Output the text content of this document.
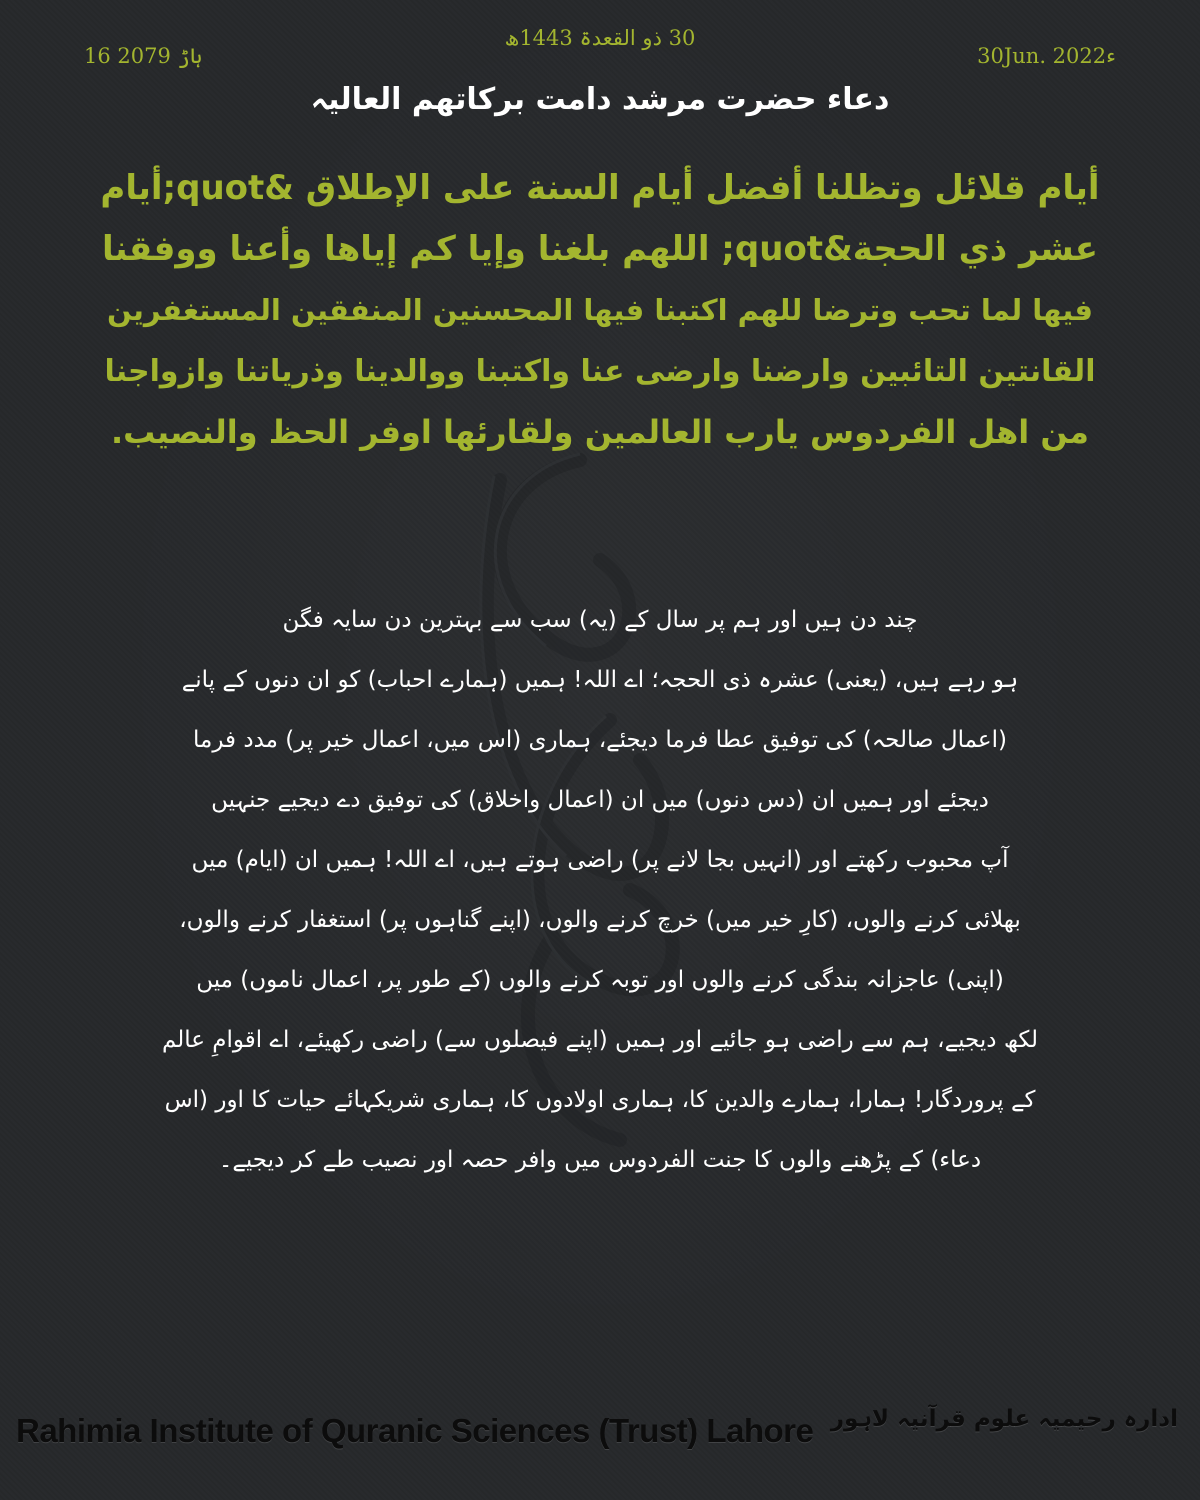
30 ذو القعدۃ 1443ھ
16 ہاڑ 2079	30Jun. 2022ء
دعاء حضرت مرشد دامت برکاتھم العالیہ
أيام قلائل وتظلنا أفضل أيام السنة على الإطلاق &quot;أيام
عشر ذي الحجة&quot; اللهم بلغنا وإيا كم إياها وأعنا ووفقنا
فيها لما تحب وترضا للهم اكتبنا فيها المحسنين المنفقين المستغفرين
القانتين التائبين وارضنا وارضى عنا واكتبنا ووالدينا وذرياتنا وازواجنا
من اهل الفردوس يارب العالمين ولقارئها اوفر الحظ والنصيب.
چند دن ہیں اور ہم پر سال کے (یہ) سب سے بہترین دن سایہ فگن
ہو رہے ہیں، (یعنی) عشرہ ذی الحجہ؛ اے اللہ! ہمیں (ہمارے احباب) کو ان دنوں کے پانے
(اعمال صالحہ) کی توفیق عطا فرما دیجئے، ہماری (اس میں، اعمال خیر پر) مدد فرما
دیجئے اور ہمیں ان (دس دنوں) میں ان (اعمال واخلاق) کی توفیق دے دیجیے جنہیں
آپ محبوب رکھتے اور (انہیں بجا لانے پر) راضی ہوتے ہیں، اے اللہ! ہمیں ان (ایام) میں
بھلائی کرنے والوں، (کارِ خیر میں) خرچ کرنے والوں، (اپنے گناہوں پر) استغفار کرنے والوں،
(اپنی) عاجزانہ بندگی کرنے والوں اور توبہ کرنے والوں (کے طور پر، اعمال ناموں) میں
لکھ دیجیے، ہم سے راضی ہو جائیے اور ہمیں (اپنے فیصلوں سے) راضی رکھیئے، اے اقوامِ عالم
کے پروردگار! ہمارا، ہمارے والدین کا، ہماری اولادوں کا، ہماری شریکہائے حیات کا اور (اس
دعاء) کے پڑھنے والوں کا جنت الفردوس میں وافر حصہ اور نصیب طے کر دیجیے۔
Rahimia Institute of Quranic Sciences (Trust) Lahore ادارہ رحیمیہ علوم قرآنیہ لاہور
